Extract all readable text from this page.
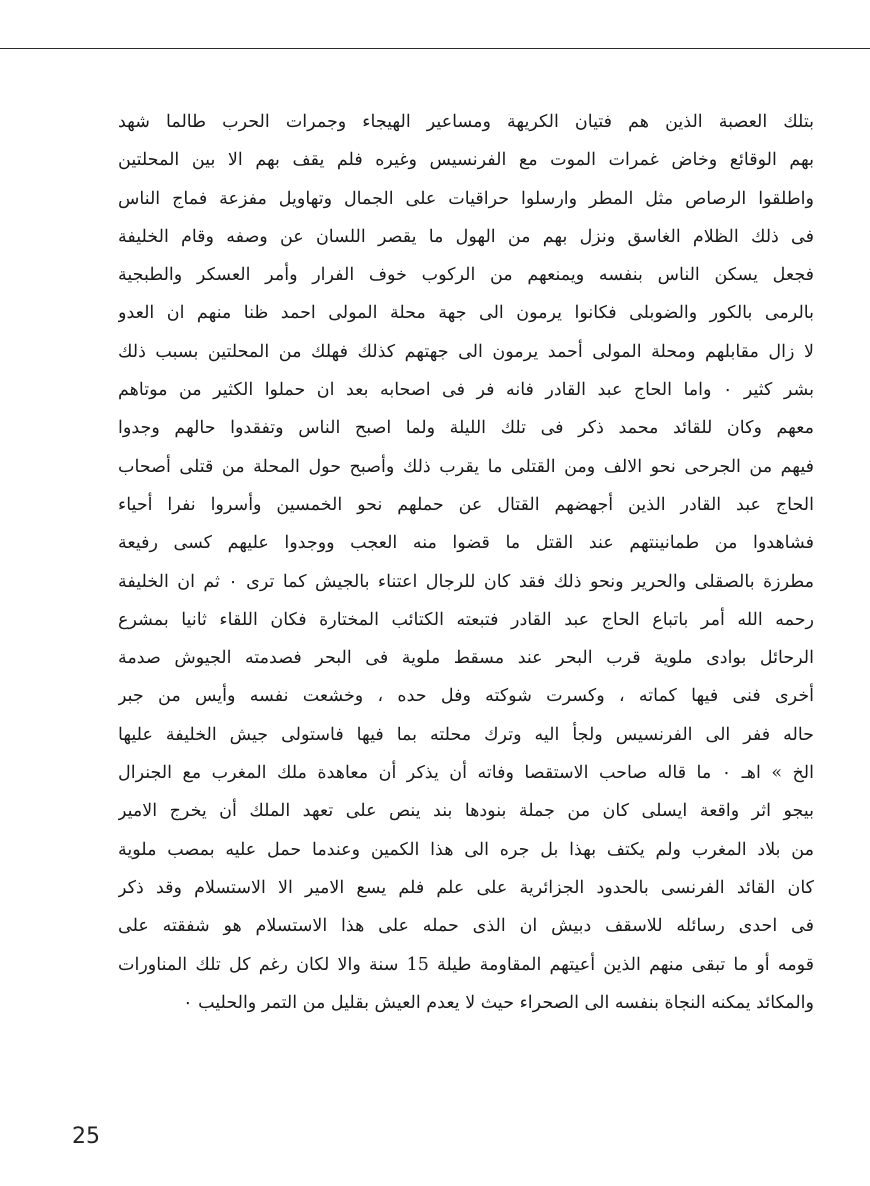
بتلك العصبة الذين هم فتيان الكريهة ومساعير الهيجاء وجمرات الحرب طالما شهد
بهم الوقائع وخاض غمرات الموت مع الفرنسيس وغيره فلم يقف بهم الا بين المحلتين
واطلقوا الرصاص مثل المطر وارسلوا حراقيات على الجمال وتهاويل مفزعة فماج الناس
فى ذلك الظلام الغاسق ونزل بهم من الهول ما يقصر اللسان عن وصفه وقام الخليفة
فجعل يسكن الناس بنفسه ويمنعهم من الركوب خوف الفرار وأمر العسكر والطبجية
بالرمى بالكور والضوبلى فكانوا يرمون الى جهة محلة المولى احمد ظنا منهم ان العدو
لا زال مقابلهم ومحلة المولى أحمد يرمون الى جهتهم كذلك فهلك من المحلتين بسبب ذلك
بشر كثير ٠ واما الحاج عبد القادر فانه فر فى اصحابه بعد ان حملوا الكثير من موتاهم
معهم وكان للقائد محمد ذكر فى تلك الليلة ولما اصبح الناس وتفقدوا حالهم وجدوا
فيهم من الجرحى نحو الالف ومن القتلى ما يقرب ذلك وأصبح حول المحلة من قتلى أصحاب
الحاج عبد القادر الذين أجهضهم القتال عن حملهم نحو الخمسين وأسروا نفرا أحياء
فشاهدوا من طمانينتهم عند القتل ما قضوا منه العجب ووجدوا عليهم كسى رفيعة
مطرزة بالصقلى والحرير ونحو ذلك فقد كان للرجال اعتناء بالجيش كما ترى ٠ ثم ان الخليفة
رحمه الله أمر باتباع الحاج عبد القادر فتبعته الكتائب المختارة فكان اللقاء ثانيا بمشرع
الرحائل بوادى ملوية قرب البحر عند مسقط ملوية فى البحر فصدمته الجيوش صدمة
أخرى فنى فيها كماته ، وكسرت شوكته وفل حده ، وخشعت نفسه وأيس من جبر
حاله ففر الى الفرنسيس ولجأ اليه وترك محلته بما فيها فاستولى جيش الخليفة عليها
الخ » اهـ ٠ ما قاله صاحب الاستقصا وفاته أن يذكر أن معاهدة ملك المغرب مع الجنرال
بيجو اثر واقعة ايسلى كان من جملة بنودها بند ينص على تعهد الملك أن يخرج الامير
من بلاد المغرب ولم يكتف بهذا بل جره الى هذا الكمين وعندما حمل عليه بمصب ملوية
كان القائد الفرنسى بالحدود الجزائرية على علم فلم يسع الامير الا الاستسلام وقد ذكر
فى احدى رسائله للاسقف دبيش ان الذى حمله على هذا الاستسلام هو شفقته على
قومه أو ما تبقى منهم الذين أعيتهم المقاومة طيلة 15 سنة والا لكان رغم كل تلك المناورات
والمكائد يمكنه النجاة بنفسه الى الصحراء حيث لا يعدم العيش بقليل من التمر والحليب ٠
25
